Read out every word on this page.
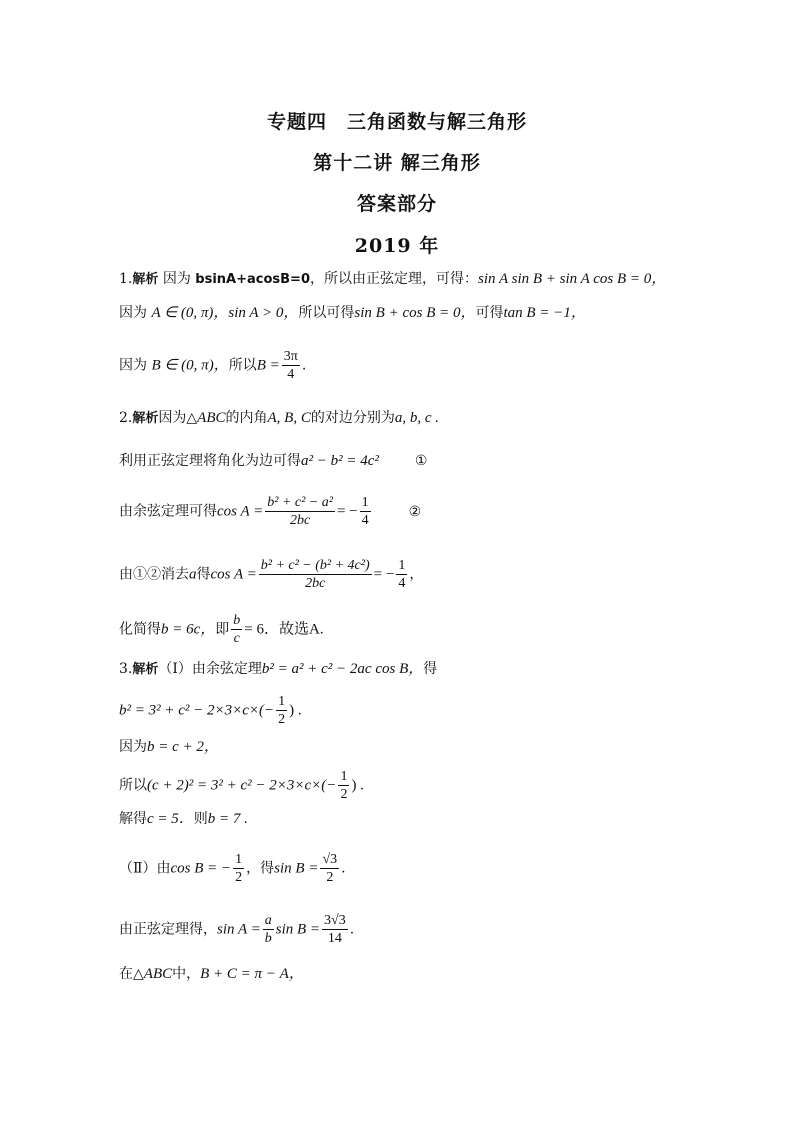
专题四　三角函数与解三角形
第十二讲 解三角形
答案部分
2019 年
1.解析 因为 bsinA+acosB=0，所以由正弦定理，可得：sin A sin B + sin A cos B = 0，
因为 A ∈ (0, π)，sin A > 0，所以可得sin B + cos B = 0，可得tan B = −1，
因为 B ∈ (0, π)，所以$B = \frac{3\pi}{4}$ .
2.解析因为△ABC的内角A, B, C的对边分别为a, b, c .
利用正弦定理将角化为边可得a² − b² = 4c²	①
由余弦定理可得$\cos A = \frac{\text{b² + c² − a²}}{2bc}$ = − $\frac{1}{4}$	②
由①②消去a得$\cos A = \frac{\text{b² + c² − (b² + 4c²)}}{2bc}$ = − $\frac{1}{4}$ ，
化简得b = 6c，即 $\frac{b}{c} = 6$．故选A.
3.解析（Ⅰ）由余弦定理b² = a² + c² − 2ac cos B，得
$b^2 = 3^2 + c^2 - 2\times 3\times c\times(- \frac{1}{2}$ ) .
因为b = c + 2，
所以$(c + 2)^2 = 3^2 + c^2 - 2\times 3\times c\times(- \frac{1}{2}$ ) .
解得c = 5．则b = 7 .
（Ⅱ）由cos B = − $\frac{1}{2}$ ，得$\sin B = \frac{√3}{2}$ .
由正弦定理得，$\sin A = \frac{a}{b}$ $\sin B = \frac{3√3}{14}$ .
在△ABC中，B + C = π − A，
